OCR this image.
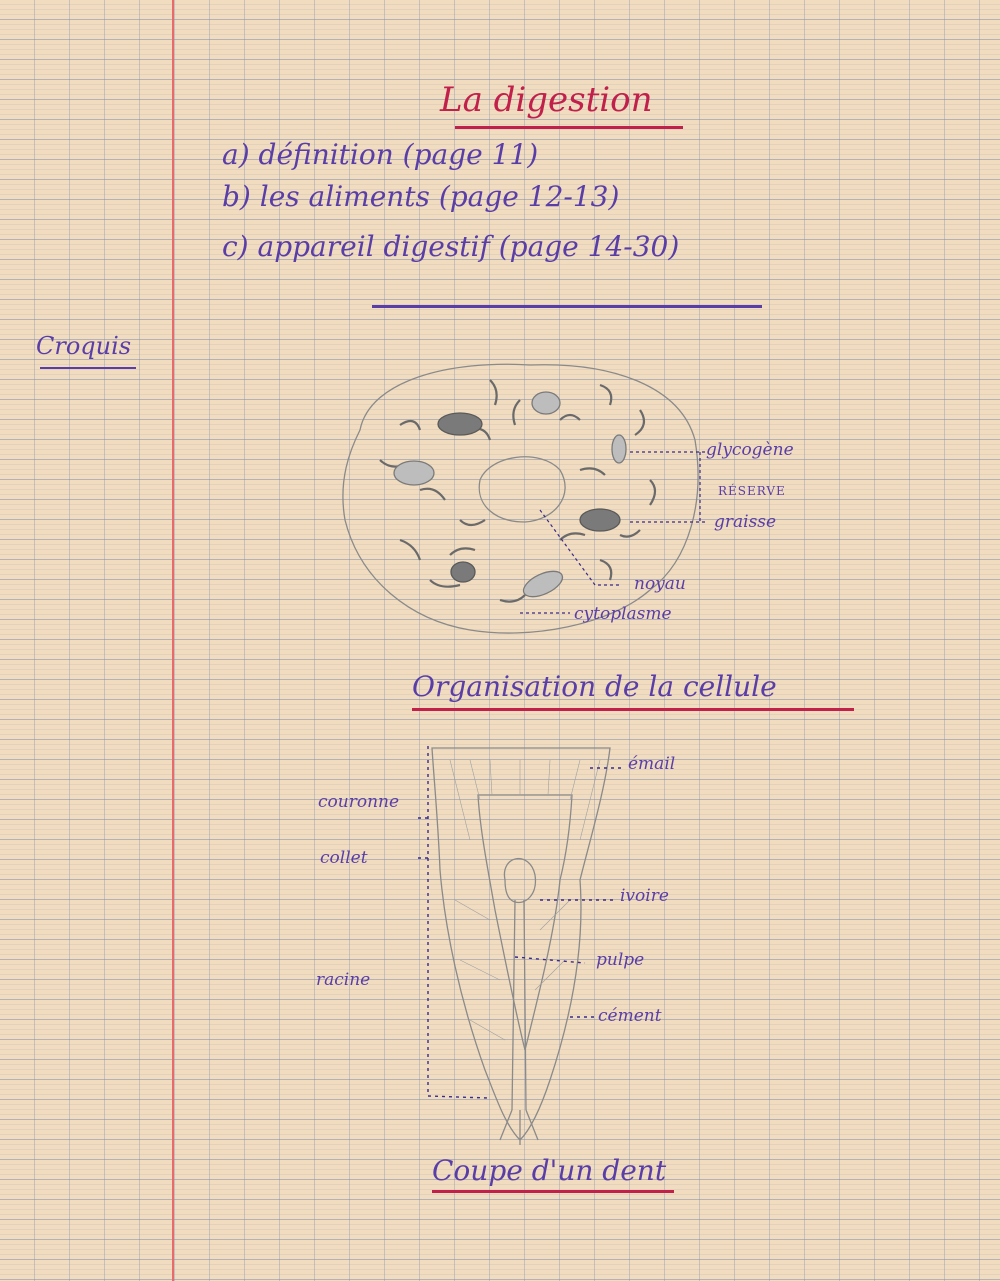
La digestion
a) définition (page 11)
b) les aliments (page 12-13)
c) appareil digestif (page 14-30)
Croquis
glycogène
RÉSERVE
graisse
noyau
cytoplasme
Organisation de la cellule
émail
couronne
collet
ivoire
pulpe
racine
cément
Coupe d'un dent
